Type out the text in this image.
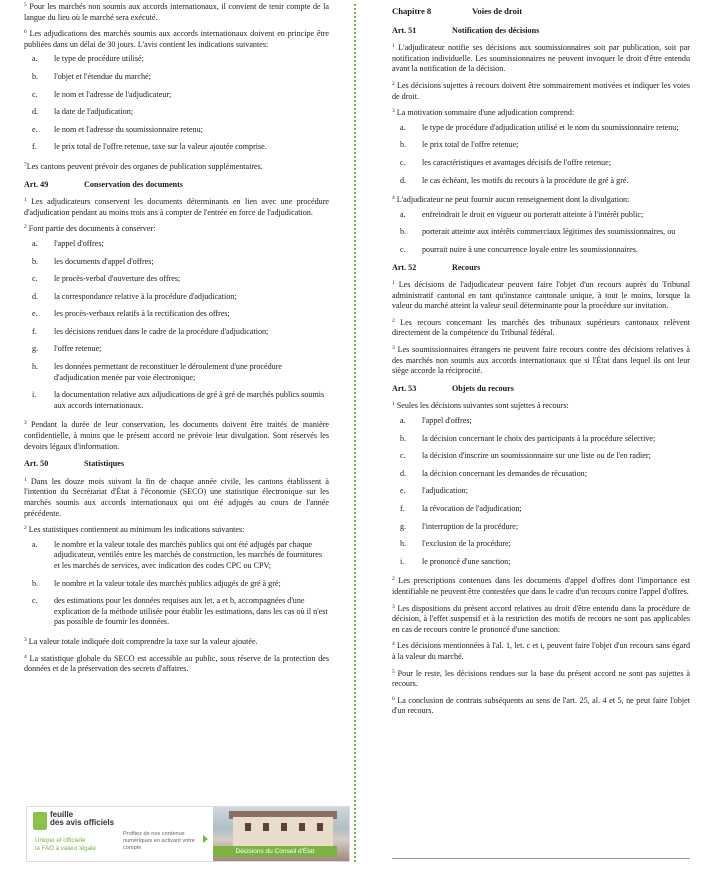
$^5$ Pour les marchés non soumis aux accords internationaux, il convient de tenir compte de la langue du lieu où le marché sera exécuté.

$^6$ Les adjudications des marchés soumis aux accords internationaux doivent en principe être publiées dans un délai de 30 jours. L'avis contient les indications suivantes:

a.	le type de procédure utilisé;
b.	l'objet et l'étendue du marché;
c.	le nom et l'adresse de l'adjudicateur;
d.	la date de l'adjudication;
e.	le nom et l'adresse du soumissionnaire retenu;
f.	le prix total de l'offre retenue, taxe sur la valeur ajoutée comprise.

$^7$Les cantons peuvent prévoir des organes de publication supplémentaires.

Art. 49	Conservation des documents

$^1$ Les adjudicateurs conservent les documents déterminants en lien avec une procédure d'adjudication pendant au moins trois ans à compter de l'entrée en force de l'adjudication.

$^2$ Font partie des documents à conserver:

a.	l'appel d'offres;
b.	les documents d'appel d'offres;
c.	le procès-verbal d'ouverture des offres;
d.	la correspondance relative à la procédure d'adjudication;
e.	les procès-verbaux relatifs à la rectification des offres;
f.	les décisions rendues dans le cadre de la procédure d'adjudication;
g.	l'offre retenue;
h.	les données permettant de reconstituer le déroulement d'une procédure d'adjudication menée par voie électronique;
i.	la documentation relative aux adjudications de gré à gré de marchés publics soumis aux accords internationaux.

$^3$ Pendant la durée de leur conservation, les documents doivent être traités de manière confidentielle, à moins que le présent accord ne prévoie leur divulgation. Sont réservés les devoirs légaux d'information.

Art. 50	Statistiques

$^1$ Dans les douze mois suivant la fin de chaque année civile, les cantons établissent à l'intention du Secrétariat d'État à l'économie (SECO) une statistique électronique sur les marchés soumis aux accords internationaux qui ont été adjugés au cours de l'année précédente.

$^2$ Les statistiques contiennent au minimum les indications suivantes:

a.	le nombre et la valeur totale des marchés publics qui ont été adjugés par chaque adjudicateur, ventilés entre les marchés de construction, les marchés de fournitures et les marchés de services, avec indication des codes CPC ou CPV;
b.	le nombre et la valeur totale des marchés publics adjugés de gré à gré;
c.	des estimations pour les données requises aux let. a et b, accompagnées d'une explication de la méthode utilisée pour établir les estimations, dans les cas où il n'est pas possible de fournir les données.

$^3$ La valeur totale indiquée doit comprendre la taxe sur la valeur ajoutée.

$^4$ La statistique globale du SECO est accessible au public, sous réserve de la protection des données et de la préservation des secrets d'affaires.

Chapitre 8	Voies de droit
Art. 51	Notification des décisions

$^1$ L'adjudicateur notifie ses décisions aux soumissionnaires soit par publication, soit par notification individuelle. Les soumissionnaires ne peuvent invoquer le droit d'être entendu avant la notification de la décision.

$^2$ Les décisions sujettes à recours doivent être sommairement motivées et indiquer les voies de droit.

$^3$ La motivation sommaire d'une adjudication comprend:

a.	le type de procédure d'adjudication utilisé et le nom du soumissionnaire retenu;
b.	le prix total de l'offre retenue;
c.	les caractéristiques et avantages décisifs de l'offre retenue;
d.	le cas échéant, les motifs du recours à la procédure de gré à gré.

$^4$ L'adjudicateur ne peut fournir aucun renseignement dont la divulgation:

a.	enfreindrait le droit en vigueur ou porterait atteinte à l'intérêt public;
b.	porterait atteinte aux intérêts commerciaux légitimes des soumissionnaires, ou
c.	pourrait nuire à une concurrence loyale entre les soumissionnaires.
Art. 52	Recours

$^1$ Les décisions de l'adjudicateur peuvent faire l'objet d'un recours auprès du Tribunal administratif cantonal en tant qu'instance cantonale unique, à tout le moins, lorsque la valeur du marché atteint la valeur seuil déterminante pour la procédure sur invitation.

$^2$ Les recours concernant les marchés des tribunaux supérieurs cantonaux relèvent directement de la compétence du Tribunal fédéral.

$^3$ Les soumissionnaires étrangers ne peuvent faire recours contre des décisions relatives à des marchés non soumis aux accords internationaux que si l'État dans lequel ils ont leur siège accorde la réciprocité.

Art. 53	Objets du recours

$^1$ Seules les décisions suivantes sont sujettes à recours:

a.	l'appel d'offres;
b.	la décision concernant le choix des participants à la procédure sélective;
c.	la décision d'inscrire un soumissionnaire sur une liste ou de l'en radier;
d.	la décision concernant les demandes de récusation;
e.	l'adjudication;
f.	la révocation de l'adjudication;
g.	l'interruption de la procédure;
h.	l'exclusion de la procédure;
i.	le prononcé d'une sanction;

$^2$ Les prescriptions contenues dans les documents d'appel d'offres dont l'importance est identifiable ne peuvent être contestées que dans le cadre d'un recours contre l'appel d'offres.

$^3$ Les dispositions du présent accord relatives au droit d'être entendu dans la procédure de décision, à l'effet suspensif et à la restriction des motifs de recours ne sont pas applicables en cas de recours contre le prononcé d'une sanction.

$^4$ Les décisions mentionnées à l'al. 1, let. c et i, peuvent faire l'objet d'un recours sans égard à la valeur du marché.

$^5$ Pour le reste, les décisions rendues sur la base du présent accord ne sont pas sujettes à recours.

$^6$ La conclusion de contrats subséquents au sens de l'art. 25, al. 4 et 5, ne peut faire l'objet d'un recours.

feuille
des avis officiels
Unique et officielle
la FAO à valeur légale
Profitez de nos contenus numériques en activant votre compte
Décisions du Conseil d'État
